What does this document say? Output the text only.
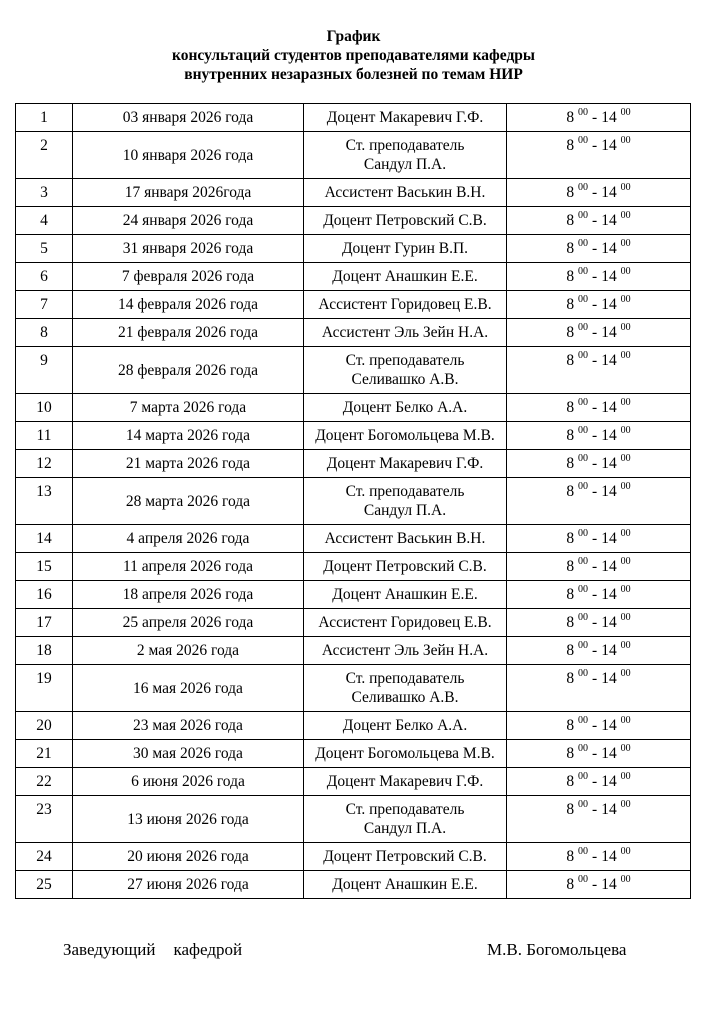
График
консультаций студентов преподавателями кафедры
внутренних незаразных болезней по темам НИР
1	03 января 2026 года	Доцент Макаревич Г.Ф.	8 $^{00}$ - 14 $^{00}$
2	10 января 2026 года	Ст. преподаватель
Сандул П.А.	8 $^{00}$ - 14 $^{00}$
3	17 января 2026года	Ассистент Васькин В.Н.	8 $^{00}$ - 14 $^{00}$
4	24 января 2026 года	Доцент Петровский С.В.	8 $^{00}$ - 14 $^{00}$
5	31 января 2026 года	Доцент Гурин В.П.	8 $^{00}$ - 14 $^{00}$
6	7 февраля 2026 года	Доцент Анашкин Е.Е.	8 $^{00}$ - 14 $^{00}$
7	14 февраля 2026 года	Ассистент Горидовец Е.В.	8 $^{00}$ - 14 $^{00}$
8	21 февраля 2026 года	Ассистент Эль Зейн Н.А.	8 $^{00}$ - 14 $^{00}$
9	28 февраля 2026 года	Ст. преподаватель
Селивашко А.В.	8 $^{00}$ - 14 $^{00}$
10	7 марта 2026 года	Доцент Белко А.А.	8 $^{00}$ - 14 $^{00}$
11	14 марта 2026 года	Доцент Богомольцева М.В.	8 $^{00}$ - 14 $^{00}$
12	21 марта 2026 года	Доцент Макаревич Г.Ф.	8 $^{00}$ - 14 $^{00}$
13	28 марта 2026 года	Ст. преподаватель
Сандул П.А.	8 $^{00}$ - 14 $^{00}$
14	4 апреля 2026 года	Ассистент Васькин В.Н.	8 $^{00}$ - 14 $^{00}$
15	11 апреля 2026 года	Доцент Петровский С.В.	8 $^{00}$ - 14 $^{00}$
16	18 апреля 2026 года	Доцент Анашкин Е.Е.	8 $^{00}$ - 14 $^{00}$
17	25 апреля 2026 года	Ассистент Горидовец Е.В.	8 $^{00}$ - 14 $^{00}$
18	2 мая 2026 года	Ассистент Эль Зейн Н.А.	8 $^{00}$ - 14 $^{00}$
19	16 мая 2026 года	Ст. преподаватель
Селивашко А.В.	8 $^{00}$ - 14 $^{00}$
20	23 мая 2026 года	Доцент Белко А.А.	8 $^{00}$ - 14 $^{00}$
21	30 мая 2026 года	Доцент Богомольцева М.В.	8 $^{00}$ - 14 $^{00}$
22	6 июня 2026 года	Доцент Макаревич Г.Ф.	8 $^{00}$ - 14 $^{00}$
23	13 июня 2026 года	Ст. преподаватель
Сандул П.А.	8 $^{00}$ - 14 $^{00}$
24	20 июня 2026 года	Доцент Петровский С.В.	8 $^{00}$ - 14 $^{00}$
25	27 июня 2026 года	Доцент Анашкин Е.Е.	8 $^{00}$ - 14 $^{00}$
Заведующий кафедрой	М.В. Богомольцева
